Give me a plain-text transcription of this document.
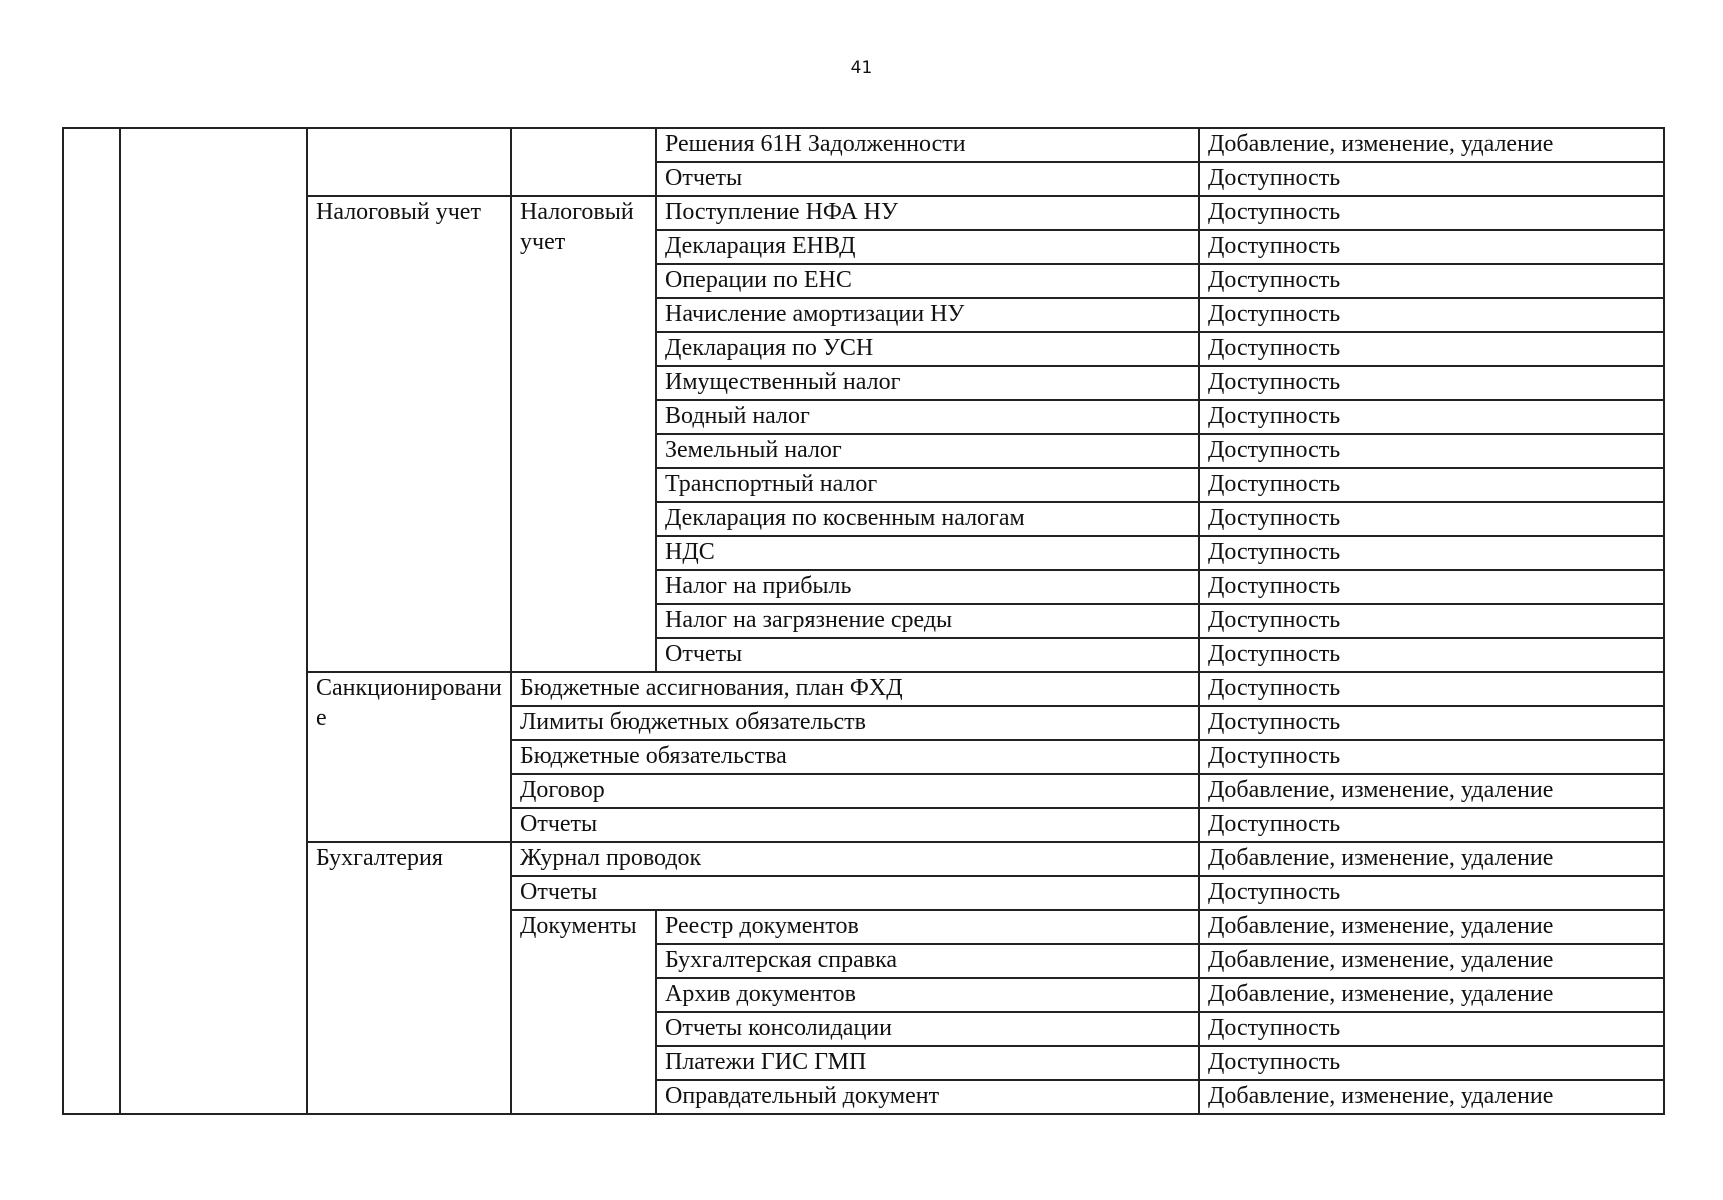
41
				Решения 61Н Задолженности	Добавление, изменение, удаление
				Отчеты	Доступность
		Налоговый учет	Налоговый учет	Поступление НФА НУ	Доступность
				Декларация ЕНВД	Доступность
				Операции по ЕНС	Доступность
				Начисление амортизации НУ	Доступность
				Декларация по УСН	Доступность
				Имущественный налог	Доступность
				Водный налог	Доступность
				Земельный налог	Доступность
				Транспортный налог	Доступность
				Декларация по косвенным налогам	Доступность
				НДС	Доступность
				Налог на прибыль	Доступность
				Налог на загрязнение среды	Доступность
				Отчеты	Доступность
		Санкционирование	Бюджетные ассигнования, план ФХД		Доступность
			Лимиты бюджетных обязательств		Доступность
			Бюджетные обязательства		Доступность
			Договор		Добавление, изменение, удаление
			Отчеты		Доступность
		Бухгалтерия	Журнал проводок		Добавление, изменение, удаление
			Отчеты		Доступность
			Документы	Реестр документов	Добавление, изменение, удаление
				Бухгалтерская справка	Добавление, изменение, удаление
				Архив документов	Добавление, изменение, удаление
				Отчеты консолидации	Доступность
				Платежи ГИС ГМП	Доступность
				Оправдательный документ	Добавление, изменение, удаление
